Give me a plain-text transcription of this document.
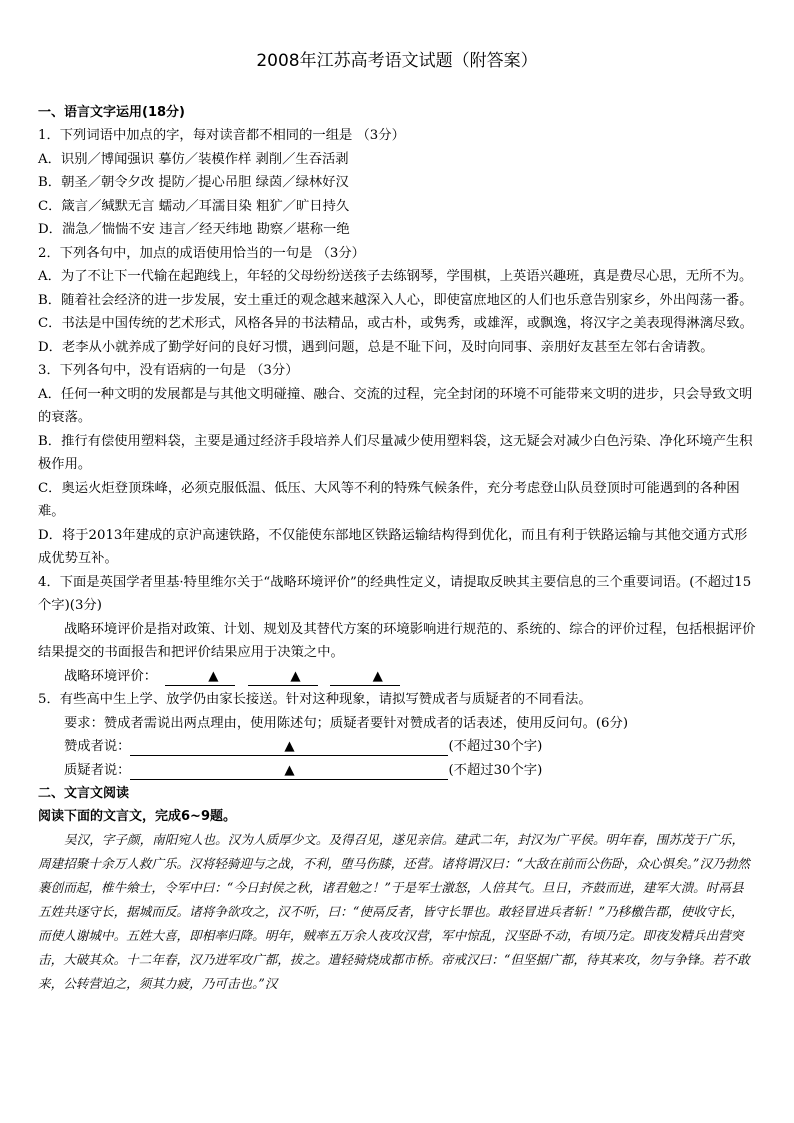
2008年江苏高考语文试题（附答案）
一、语言文字运用(18分)

1．下列词语中加点的字，每对读音都不相同的一组是 （3分）

A．识别／博闻强识 摹仿／装模作样 剥削／生吞活剥

B．朝圣／朝令夕改 提防／提心吊胆 绿茵／绿林好汉

C．箴言／缄默无言 蠕动／耳濡目染 粗犷／旷日持久

D．湍急／惴惴不安 违言／经天纬地 勘察／堪称一绝

2．下列各句中，加点的成语使用恰当的一句是 （3分）

A．为了不让下一代输在起跑线上，年轻的父母纷纷送孩子去练钢琴，学围棋，上英语兴趣班，真是费尽心思，无所不为。

B．随着社会经济的进一步发展，安土重迁的观念越来越深入人心，即使富庶地区的人们也乐意告别家乡，外出闯荡一番。

C．书法是中国传统的艺术形式，风格各异的书法精品，或古朴，或隽秀，或雄浑，或飘逸，将汉字之美表现得淋漓尽致。

D．老李从小就养成了勤学好问的良好习惯，遇到问题，总是不耻下问，及时向同事、亲朋好友甚至左邻右舍请教。

3．下列各句中，没有语病的一句是 （3分）

A．任何一种文明的发展都是与其他文明碰撞、融合、交流的过程，完全封闭的环境不可能带来文明的进步，只会导致文明的衰落。

B．推行有偿使用塑料袋，主要是通过经济手段培养人们尽量减少使用塑料袋，这无疑会对减少白色污染、净化环境产生积极作用。

C．奥运火炬登顶珠峰，必须克服低温、低压、大风等不利的特殊气候条件，充分考虑登山队员登顶时可能遇到的各种困难。

D．将于2013年建成的京沪高速铁路，不仅能使东部地区铁路运输结构得到优化，而且有利于铁路运输与其他交通方式形成优势互补。

4．下面是英国学者里基·特里维尔关于“战略环境评价”的经典性定义，请提取反映其主要信息的三个重要词语。(不超过15个字)(3分)

战略环境评价是指对政策、计划、规划及其替代方案的环境影响进行规范的、系统的、综合的评价过程，包括根据评价结果提交的书面报告和把评价结果应用于决策之中。

战略环境评价：	▲	▲	▲

5．有些高中生上学、放学仍由家长接送。针对这种现象，请拟写赞成者与质疑者的不同看法。

要求：赞成者需说出两点理由，使用陈述句；质疑者要针对赞成者的话表述，使用反问句。(6分)

赞成者说：	▲	(不超过30个字)

质疑者说：	▲	(不超过30个字)

二、文言文阅读
阅读下面的文言文，完成6~9题。

吴汉，字子颜，南阳宛人也。汉为人质厚少文。及得召见，遂见亲信。建武二年，封汉为广平侯。明年春，围苏茂于广乐，周建招聚十余万人救广乐。汉将轻骑迎与之战，不利，堕马伤膝，还营。诸将谓汉曰：“大敌在前而公伤卧，众心惧矣。”汉乃勃然裹创而起，椎牛飨士，令军中曰：“今日封侯之秋，诸君勉之！”于是军士激怒，人倍其气。旦日，齐鼓而进，建军大溃。时鬲县五姓共逐守长，据城而反。诸将争欲攻之，汉不听，曰：“使鬲反者，皆守长罪也。敢轻冒进兵者斩！”乃移檄告郡，使收守长，而使人谢城中。五姓大喜，即相率归降。明年，贼率五万余人夜攻汉营，军中惊乱，汉坚卧不动，有顷乃定。即夜发精兵出营突击，大破其众。十二年春，汉乃进军攻广都，拔之。遣轻骑烧成都市桥。帝戒汉曰：“但坚据广都，待其来攻，勿与争锋。若不敢来，公转营迫之，须其力疲，乃可击也。”汉
